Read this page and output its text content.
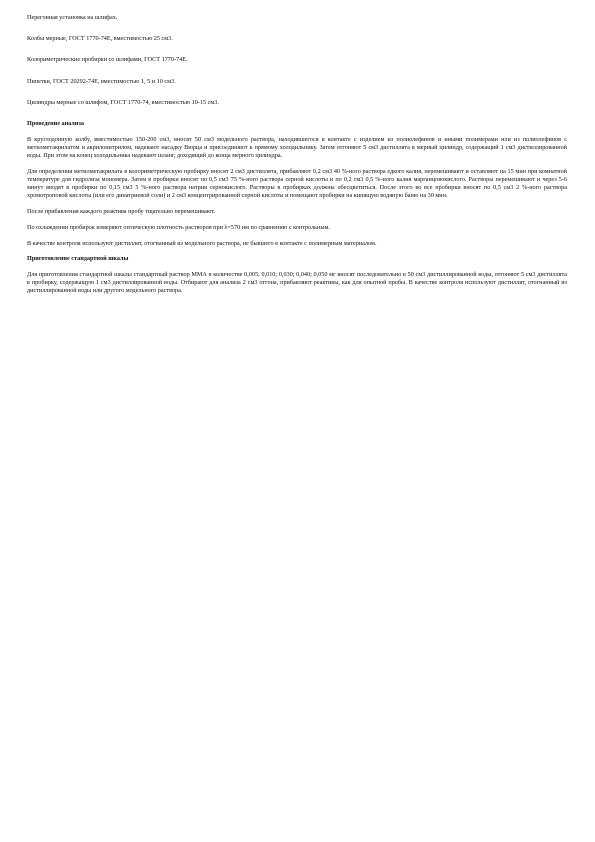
Перегонная установка на шлифах.
Колбы мерные, ГОСТ 1770-74Е, вместимостью 25 см3.
Колориметрические пробирки со шлифами, ГОСТ 1770-74Е.
Пипетки, ГОСТ 20292-74Е, вместимостью 1, 5 и 10 см3.
Цилиндры мерные со шлифом, ГОСТ 1770-74, вместимостью 10-15 см3.
Проведение анализа
В круглодонную колбу, вместимостью 150-200 см3, вносят 50 см3 модельного раствора, находившегося в контакте с изделием из полиолефинов и иными полимерами или из полиолефинов с метилметакрилатом и акрилонитрилом, надевают насадку Вюрца и присоединяют к прямому холодильнику. Затем отгоняют 5 см3 дистиллята в мерный цилиндр, содержащий 1 см3 дистиллированной воды. При этом на конец холодильника надевают шланг, доходящий до конца мерного цилиндра.
Для определения метилметакрилата в колориметрическую пробирку вносят 2 см3 дистиллята, прибавляют 0,2 см3 40 %-ного раствора едкого калия, перемешивают и оставляют на 15 мин при комнатной температуре для гидролиза мономера. Затем в пробирки вносят по 0,5 см3 75 %-ного раствора серной кислоты и по 0,2 см3 0,5 %-ного калия марганцовокислого. Растворы перемешивают и через 5-6 минут вводят в пробирки по 0,15 см3 5 %-ного раствора натрия сернокислого. Растворы в пробирках должны обесцветиться. После этого во все пробирки вносят по 0,5 см3 2 %-ного раствора хромотроповой кислоты (или его динатриевой соли) и 2 см3 концентрированной серной кислоты и помещают пробирки на кипящую водяную баню на 30 мин.
После прибавления каждого реактива пробу тщательно перемешивают.
По охлаждении пробирок измеряют оптическую плотность растворов при λ=570 нм по сравнению с контрольным.
В качестве контроля используют дистиллят, отогнанный из модельного раствора, не бывшего в контакте с полимерным материалом.
Приготовление стандартной шкалы
Для приготовления стандартной шкалы стандартный раствор ММА в количестве 0,005; 0,010; 0,030; 0,040; 0,050 мг вносят последовательно в 50 см3 дистиллированной воды, отгоняют 5 см3 дистиллята в пробирку, содержащую 1 см3 дистиллированной воды. Отбирают для анализа 2 см3 отгона, прибавляют реактивы, как для опытной пробы. В качестве контроля используют дистиллят, отогнанный из дистиллированной воды или другого модельного раствора.
